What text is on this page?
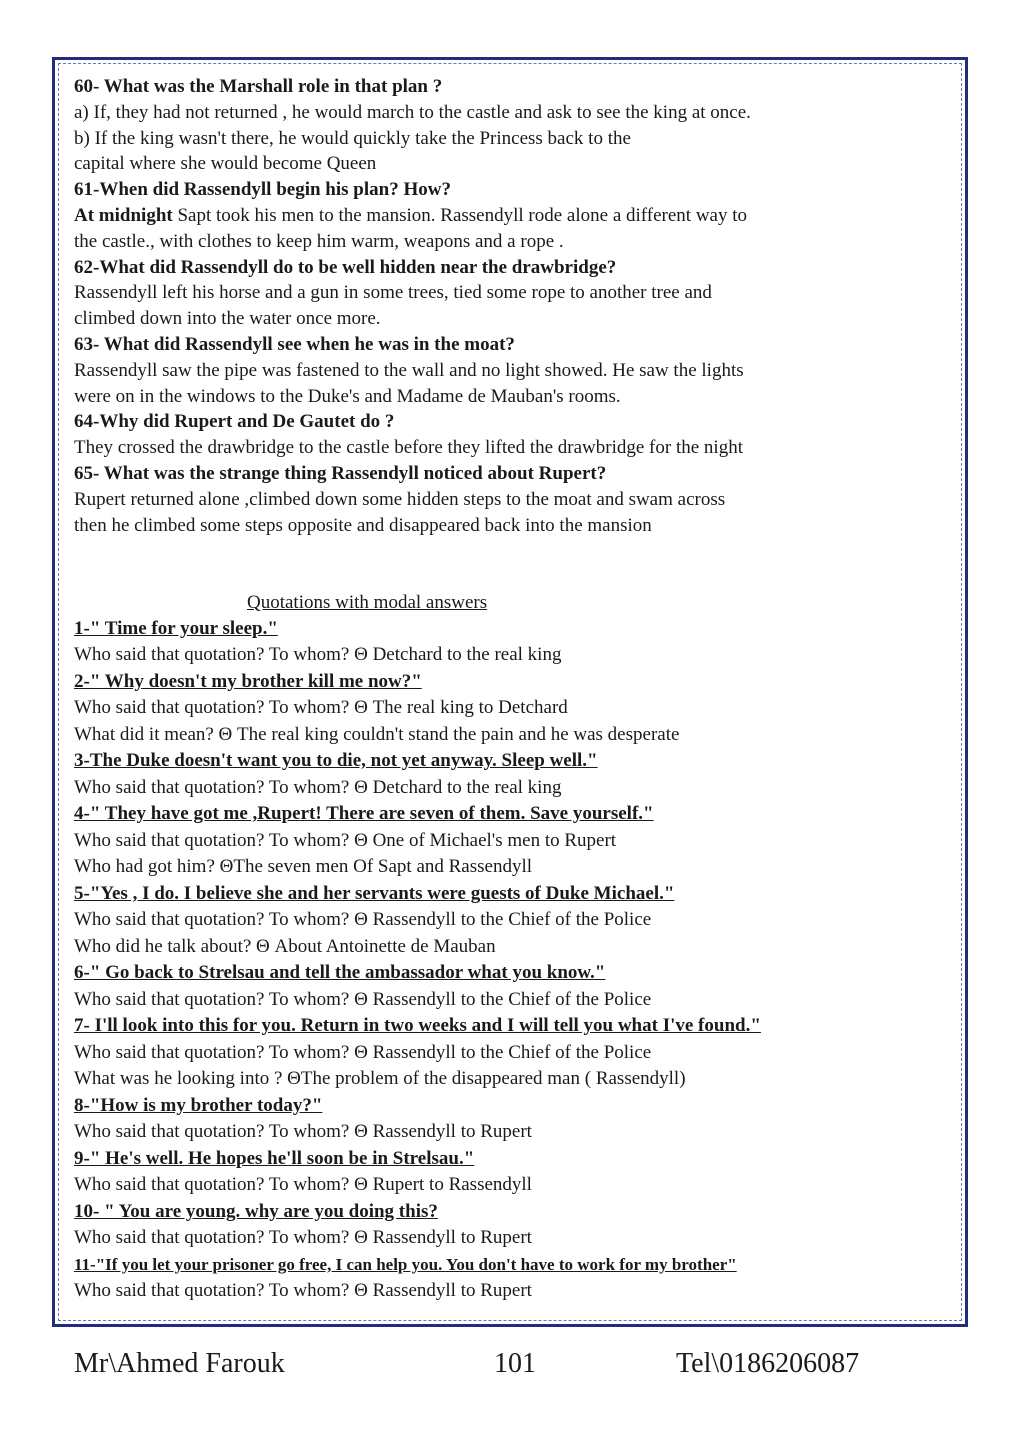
60- What was the Marshall role in that plan ?
a) If, they had not returned , he would march to the castle and ask to see the king at once.
b) If the king wasn't there, he would quickly take the Princess back to the
capital where she would become Queen
61-When did Rassendyll begin his plan? How?
At midnight Sapt took his men to the mansion. Rassendyll rode alone a different way to
the castle., with clothes to keep him warm, weapons and a rope .
62-What did Rassendyll do to be well hidden near the drawbridge?
Rassendyll left his horse and a gun in some trees, tied some rope to another tree and
climbed down into the water once more.
63- What did Rassendyll see when he was in the moat?
Rassendyll saw the pipe was fastened to the wall and no light showed. He saw the lights
were on in the windows to the Duke's and Madame de Mauban's rooms.
64-Why did Rupert and De Gautet do ?
They crossed the drawbridge to the castle before they lifted the drawbridge for the night
65- What was the strange thing Rassendyll noticed about Rupert?
Rupert returned alone ,climbed down some hidden steps to the moat and swam across
then he climbed some steps opposite and disappeared back into the mansion
Quotations with modal answers
1-" Time for your sleep."
Who said that quotation? To whom? Θ Detchard to the real king
2-" Why doesn't my brother kill me now?"
Who said that quotation? To whom? Θ The real king to Detchard
What did it mean? Θ The real king couldn't stand the pain and he was desperate
3-The Duke doesn't want you to die, not yet anyway. Sleep well."
Who said that quotation? To whom? Θ Detchard to the real king
4-" They have got me ,Rupert! There are seven of them. Save yourself."
Who said that quotation? To whom? Θ One of Michael's men to Rupert
Who had got him? ΘThe seven men Of Sapt and Rassendyll
5-"Yes , I do. I believe she and her servants were guests of Duke Michael."
Who said that quotation? To whom? Θ Rassendyll to the Chief of the Police
Who did he talk about? Θ About Antoinette de Mauban
6-" Go back to Strelsau and tell the ambassador what you know."
Who said that quotation? To whom? Θ Rassendyll to the Chief of the Police
7- I'll look into this for you. Return in two weeks and I will tell you what I've found."
Who said that quotation? To whom? Θ Rassendyll to the Chief of the Police
What was he looking into ? ΘThe problem of the disappeared man ( Rassendyll)
8-"How is my brother today?"
Who said that quotation? To whom? Θ Rassendyll to Rupert
9-" He's well. He hopes he'll soon be in Strelsau."
Who said that quotation? To whom? Θ Rupert to Rassendyll
10- " You are young. why are you doing this?
Who said that quotation? To whom? Θ Rassendyll to Rupert
11-"If you let your prisoner go free, I can help you. You don't have to work for my brother"
Who said that quotation? To whom? Θ Rassendyll to Rupert
Mr\Ahmed Farouk	101	Tel\0186206087
